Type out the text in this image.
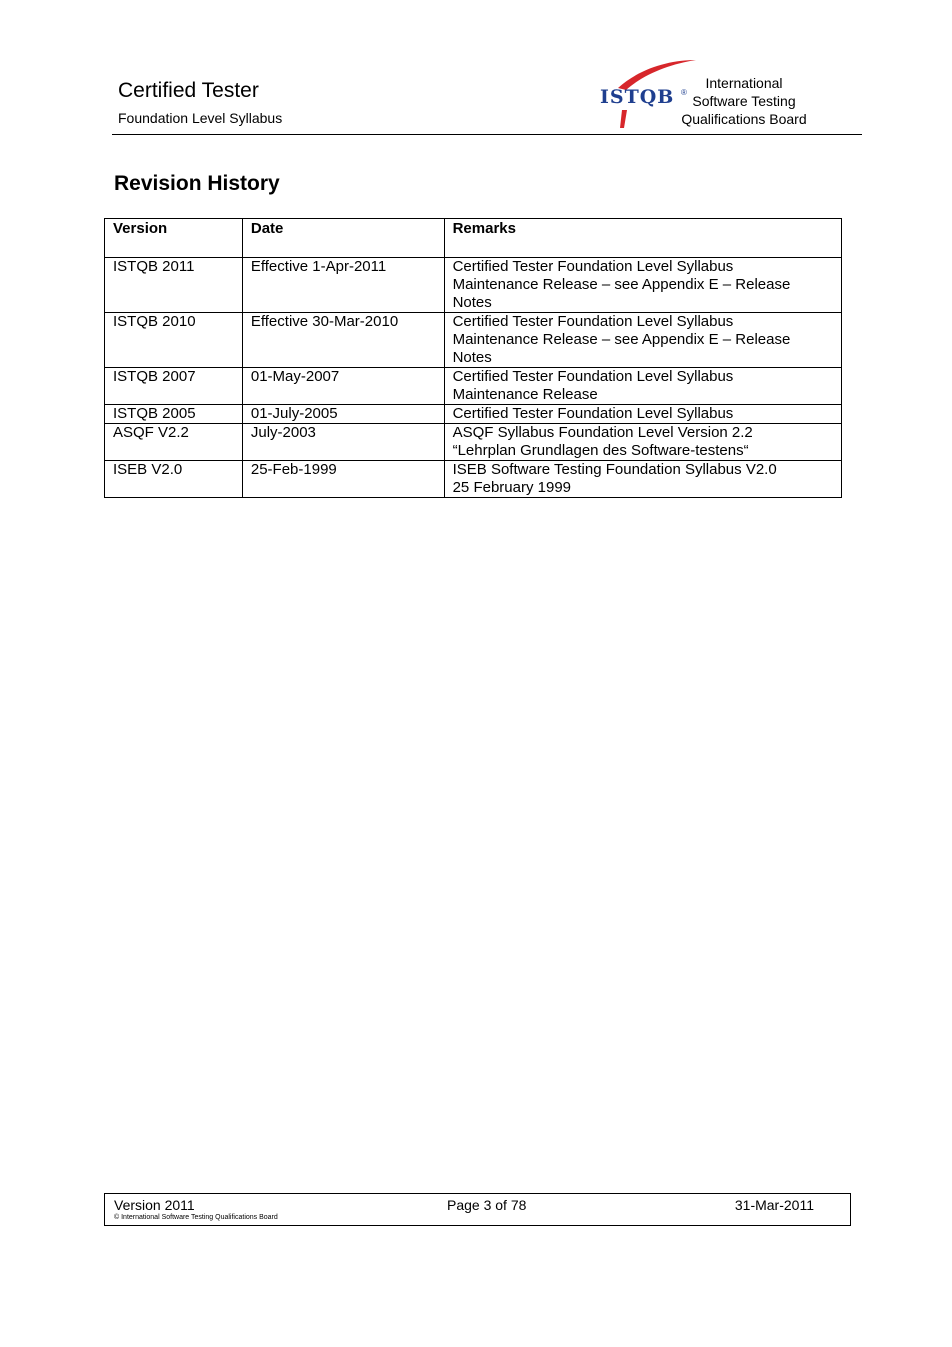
Certified Tester
Foundation Level Syllabus
ISTQB ®
International
Software Testing
Qualifications Board
Revision History
Version	Date	Remarks
ISTQB 2011	Effective 1-Apr-2011	Certified Tester Foundation Level Syllabus
Maintenance Release – see Appendix E – Release
Notes

ISTQB 2010	Effective 30-Mar-2010	Certified Tester Foundation Level Syllabus
Maintenance Release – see Appendix E – Release
Notes

ISTQB 2007	01-May-2007	Certified Tester Foundation Level Syllabus
Maintenance Release

ISTQB 2005	01-July-2005	Certified Tester Foundation Level Syllabus

ASQF V2.2	July-2003	ASQF Syllabus Foundation Level Version 2.2
“Lehrplan Grundlagen des Software-testens“

ISEB V2.0	25-Feb-1999	ISEB Software Testing Foundation Syllabus V2.0
25 February 1999
Version 2011
© International Software Testing Qualifications Board
Page 3 of 78	31-Mar-2011
